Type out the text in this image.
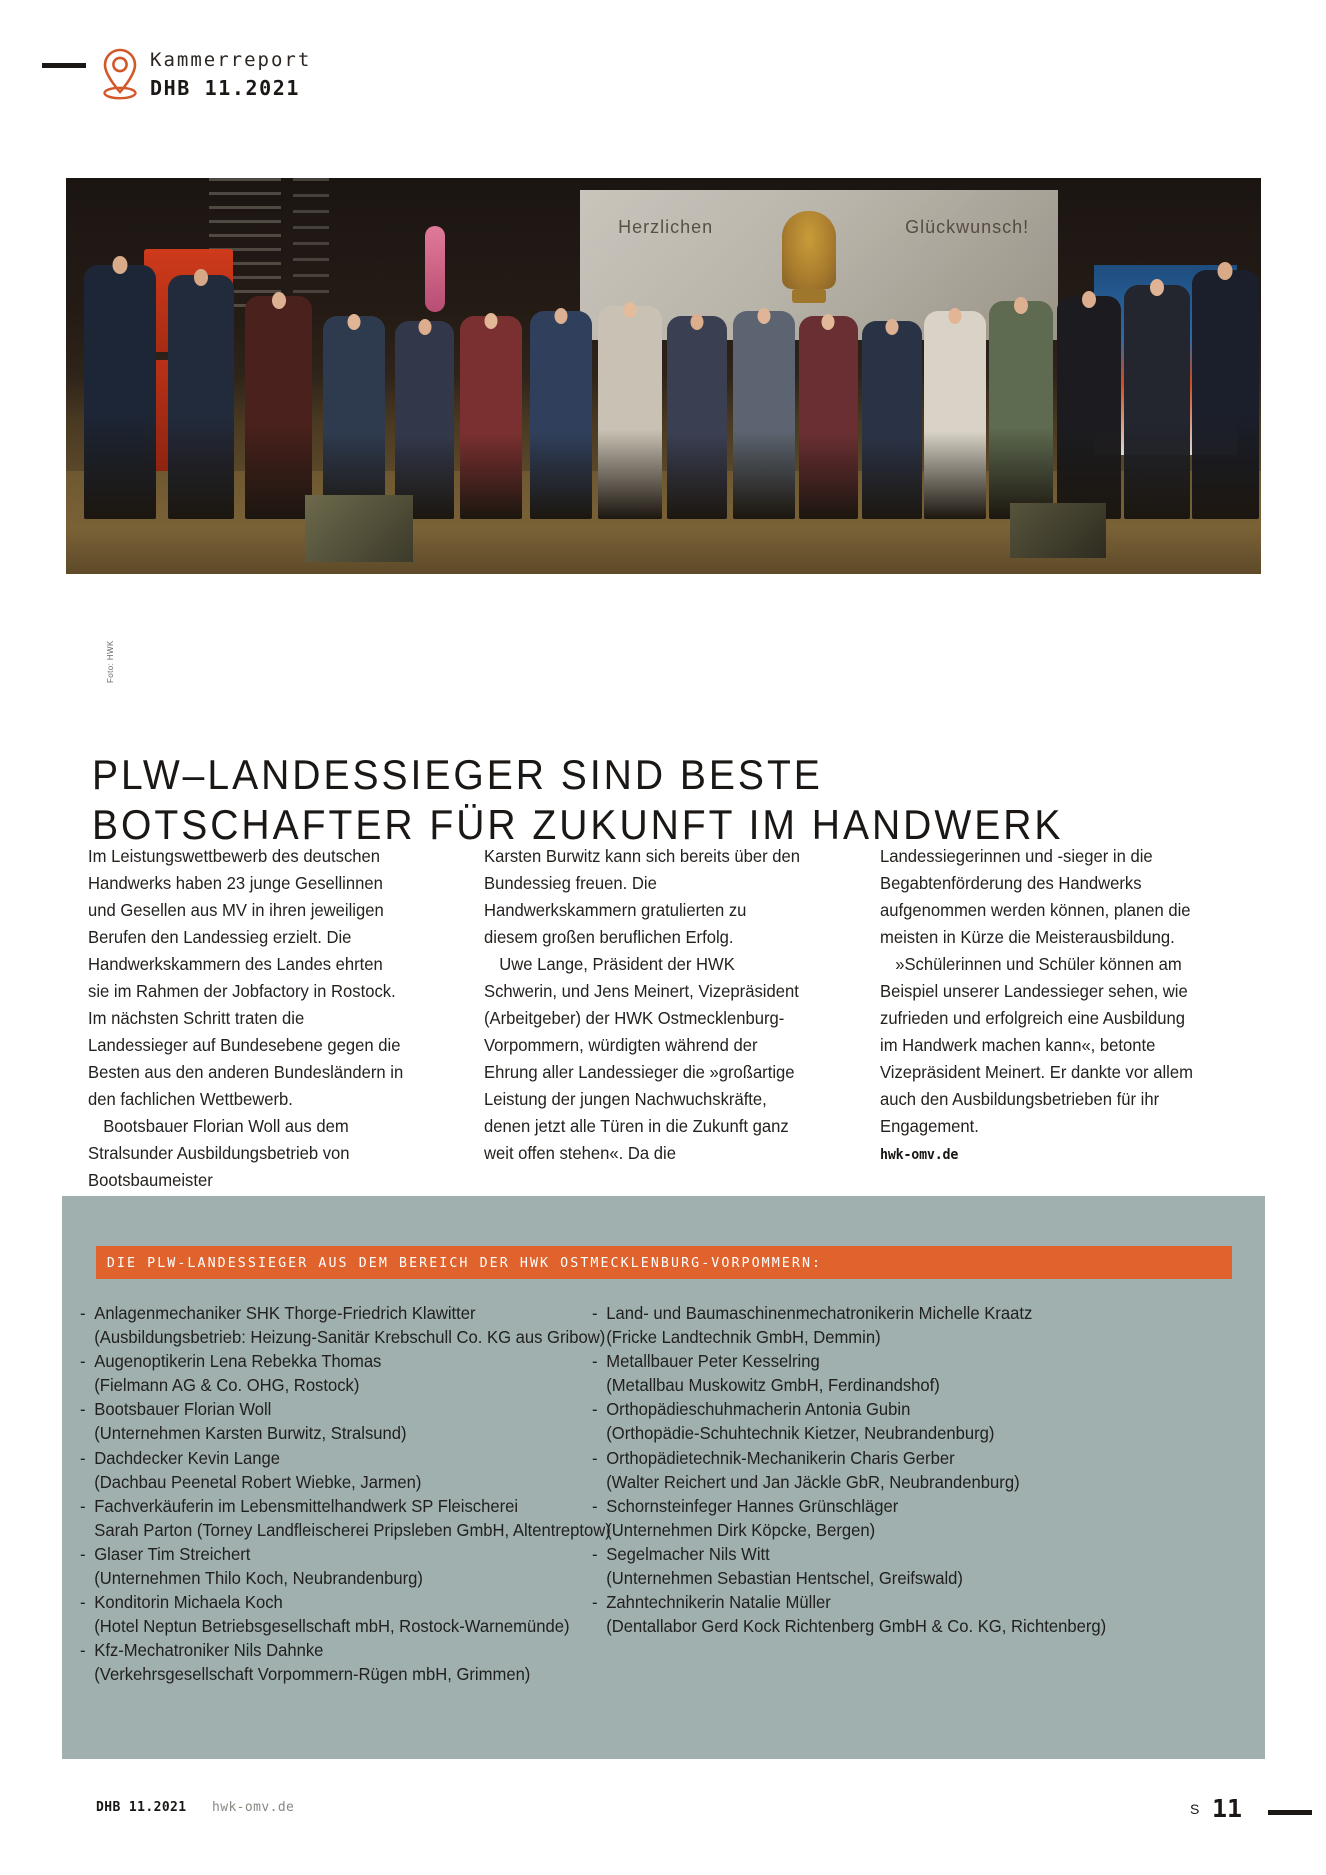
Kammerreport
DHB 11.2021
Herzlichen	Glückwunsch!
Foto: HWK
PLW–LANDESSIEGER SIND BESTE
BOTSCHAFTER FÜR ZUKUNFT IM HANDWERK

Im Leistungswettbewerb des deutschen Handwerks haben 23 junge Gesellinnen und Gesellen aus MV in ihren jeweiligen Berufen den Landessieg erzielt. Die Handwerkskammern des Landes ehrten sie im Rahmen der Jobfactory in Rostock. Im nächsten Schritt traten die Landessieger auf Bundesebene gegen die Besten aus den anderen Bundesländern in den fachlichen Wettbewerb.

Bootsbauer Florian Woll aus dem Stralsunder Ausbildungsbetrieb von Bootsbaumeister

Karsten Burwitz kann sich bereits über den Bundessieg freuen. Die Handwerkskammern gratulierten zu diesem großen beruflichen Erfolg.

Uwe Lange, Präsident der HWK Schwerin, und Jens Meinert, Vizepräsident (Arbeitgeber) der HWK Ostmecklenburg-Vorpommern, würdigten während der Ehrung aller Landessieger die »großartige Leistung der jungen Nachwuchskräfte, denen jetzt alle Türen in die Zukunft ganz weit offen stehen«. Da die

Landessiegerinnen und -sieger in die Begabtenförderung des Handwerks aufgenommen werden können, planen die meisten in Kürze die Meisterausbildung.

»Schülerinnen und Schüler können am Beispiel unserer Landessieger sehen, wie zufrieden und erfolgreich eine Ausbildung im Handwerk machen kann«, betonte Vizepräsident Meinert. Er dankte vor allem auch den Ausbildungsbetrieben für ihr Engagement.

hwk-omv.de
DIE PLW-LANDESSIEGER AUS DEM BEREICH DER HWK OSTMECKLENBURG-VORPOMMERN:

-Anlagenmechaniker SHK Thorge-Friedrich Klawitter
(Ausbildungsbetrieb: Heizung-Sanitär Krebschull Co. KG aus Gribow)

-Augenoptikerin Lena Rebekka Thomas
(Fielmann AG & Co. OHG, Rostock)

-Bootsbauer Florian Woll
(Unternehmen Karsten Burwitz, Stralsund)

-Dachdecker Kevin Lange
(Dachbau Peenetal Robert Wiebke, Jarmen)

-Fachverkäuferin im Lebensmittelhandwerk SP Fleischerei
Sarah Parton (Torney Landfleischerei Pripsleben GmbH, Altentreptow)

-Glaser Tim Streichert
(Unternehmen Thilo Koch, Neubrandenburg)

-Konditorin Michaela Koch
(Hotel Neptun Betriebsgesellschaft mbH, Rostock-Warnemünde)

-Kfz-Mechatroniker Nils Dahnke
(Verkehrsgesellschaft Vorpommern-Rügen mbH, Grimmen)

-Land- und Baumaschinenmechatronikerin Michelle Kraatz
(Fricke Landtechnik GmbH, Demmin)

-Metallbauer Peter Kesselring
(Metallbau Muskowitz GmbH, Ferdinandshof)

-Orthopädieschuhmacherin Antonia Gubin
(Orthopädie-Schuhtechnik Kietzer, Neubrandenburg)

-Orthopädietechnik-Mechanikerin Charis Gerber
(Walter Reichert und Jan Jäckle GbR, Neubrandenburg)

-Schornsteinfeger Hannes Grünschläger
(Unternehmen Dirk Köpcke, Bergen)

-Segelmacher Nils Witt
(Unternehmen Sebastian Hentschel, Greifswald)

-Zahntechnikerin Natalie Müller
(Dentallabor Gerd Kock Richtenberg GmbH & Co. KG, Richtenberg)

DHB 11.2021 hwk-omv.de	S 11
